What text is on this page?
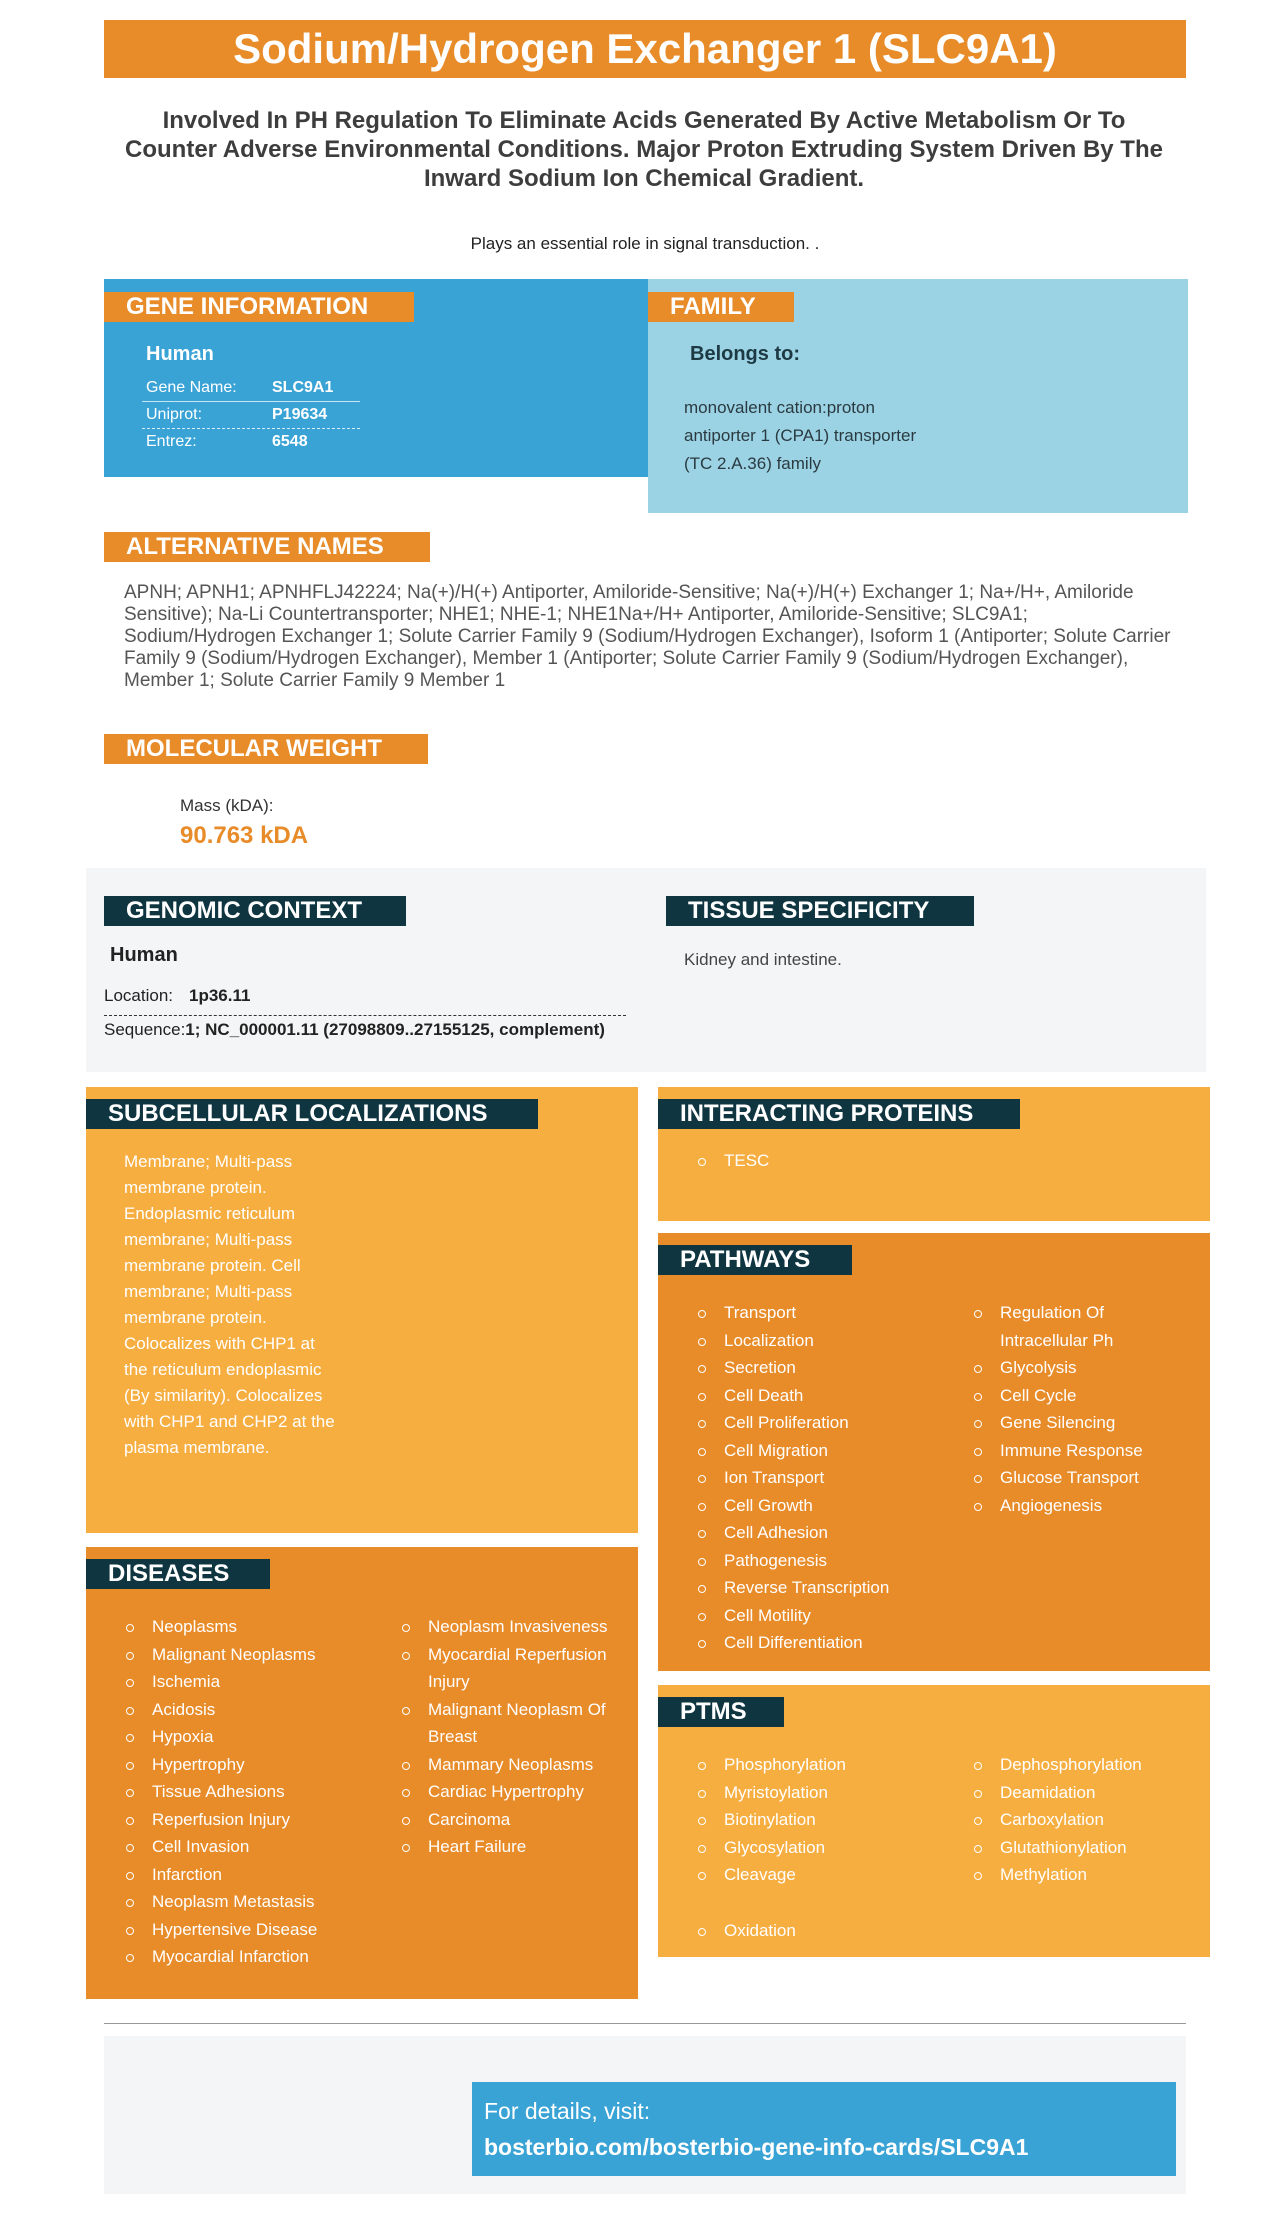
Sodium/Hydrogen Exchanger 1 (SLC9A1)
Involved In PH Regulation To Eliminate Acids Generated By Active Metabolism Or To Counter Adverse Environmental Conditions. Major Proton Extruding System Driven By The Inward Sodium Ion Chemical Gradient.
Plays an essential role in signal transduction. .
Human
Gene Name: SLC9A1
Uniprot:	P19634
Entrez:	6548
GENE INFORMATION
Belongs to:
monovalent cation:proton antiporter 1 (CPA1) transporter (TC 2.A.36) family
FAMILY
ALTERNATIVE NAMES
APNH; APNH1; APNHFLJ42224; Na(+)/H(+) Antiporter, Amiloride-Sensitive; Na(+)/H(+) Exchanger 1; Na+/H+, Amiloride Sensitive); Na-Li Countertransporter; NHE1; NHE-1; NHE1Na+/H+ Antiporter, Amiloride-Sensitive; SLC9A1; Sodium/Hydrogen Exchanger 1; Solute Carrier Family 9 (Sodium/Hydrogen Exchanger), Isoform 1 (Antiporter; Solute Carrier Family 9 (Sodium/Hydrogen Exchanger), Member 1 (Antiporter; Solute Carrier Family 9 (Sodium/Hydrogen Exchanger), Member 1; Solute Carrier Family 9 Member 1
MOLECULAR WEIGHT
Mass (kDA):
90.763 kDA
GENOMIC CONTEXT
Human
Location: 1p36.11
Sequence:1; NC_000001.11 (27098809..27155125, complement)
TISSUE SPECIFICITY
Kidney and intestine.
SUBCELLULAR LOCALIZATIONS
Membrane; Multi-pass membrane protein. Endoplasmic reticulum membrane; Multi-pass membrane protein. Cell membrane; Multi-pass membrane protein. Colocalizes with CHP1 at the reticulum endoplasmic (By similarity). Colocalizes with CHP1 and CHP2 at the plasma membrane.
INTERACTING PROTEINS
TESC
PATHWAYS
Transport
Localization
Secretion
Cell Death
Cell Proliferation
Cell Migration
Ion Transport
Cell Growth
Cell Adhesion
Pathogenesis
Reverse Transcription
Cell Motility
Cell Differentiation
Regulation Of Intracellular Ph
Glycolysis
Cell Cycle
Gene Silencing
Immune Response
Glucose Transport
Angiogenesis
DISEASES
Neoplasms
Malignant Neoplasms
Ischemia
Acidosis
Hypoxia
Hypertrophy
Tissue Adhesions
Reperfusion Injury
Cell Invasion
Infarction
Neoplasm Metastasis
Hypertensive Disease
Myocardial Infarction
Neoplasm Invasiveness
Myocardial Reperfusion Injury
Malignant Neoplasm Of Breast
Mammary Neoplasms
Cardiac Hypertrophy
Carcinoma
Heart Failure
PTMS
Phosphorylation
Myristoylation
Biotinylation
Glycosylation
Cleavage
Dephosphorylation
Deamidation
Carboxylation
Glutathionylation
Methylation
Oxidation
For details, visit:
bosterbio.com/bosterbio-gene-info-cards/SLC9A1
